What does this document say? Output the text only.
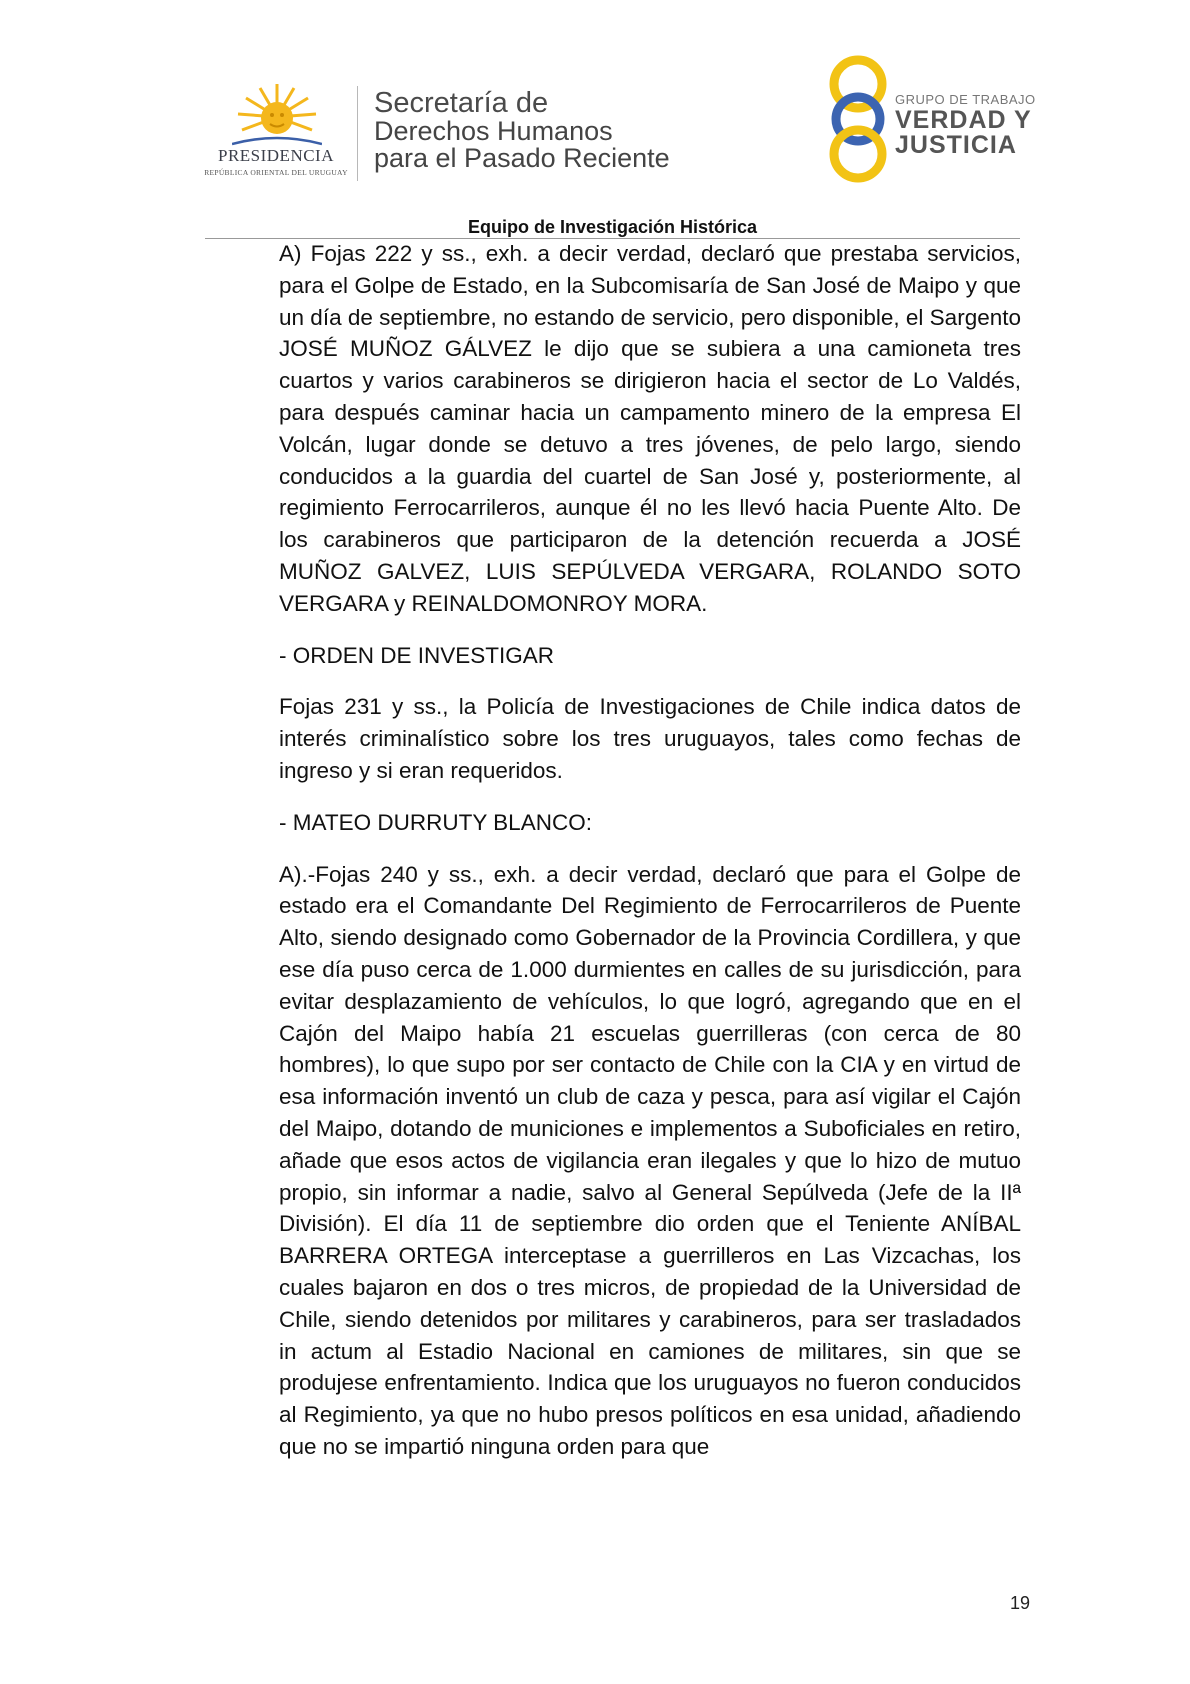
PRESIDENCIA
REPÚBLICA ORIENTAL DEL URUGUAY
Secretaría de
Derechos Humanos
para el Pasado Reciente
GRUPO DE TRABAJO
VERDAD Y
JUSTICIA
Equipo de Investigación Histórica

A) Fojas 222 y ss., exh. a decir verdad, declaró que prestaba servicios, para el Golpe de Estado, en la Subcomisaría de San José de Maipo y que un día de septiembre, no estando de servicio, pero disponible, el Sargento JOSÉ MUÑOZ GÁLVEZ le dijo que se subiera a una camioneta tres cuartos y varios carabineros se dirigieron hacia el sector de Lo Valdés, para después caminar hacia un campamento minero de la empresa El Volcán, lugar donde se detuvo a tres jóvenes, de pelo largo, siendo conducidos a la guardia del cuartel de San José y, posteriormente, al regimiento Ferrocarrileros, aunque él no les llevó hacia Puente Alto. De los carabineros que participaron de la detención recuerda a JOSÉ MUÑOZ GALVEZ, LUIS SEPÚLVEDA VERGARA, ROLANDO SOTO VERGARA y REINALDOMONROY MORA.

- ORDEN DE INVESTIGAR

Fojas 231 y ss., la Policía de Investigaciones de Chile indica datos de interés criminalístico sobre los tres uruguayos, tales como fechas de ingreso y si eran requeridos.

- MATEO DURRUTY BLANCO:

A).-Fojas 240 y ss., exh. a decir verdad, declaró que para el Golpe de estado era el Comandante Del Regimiento de Ferrocarrileros de Puente Alto, siendo designado como Gobernador de la Provincia Cordillera, y que ese día puso cerca de 1.000 durmientes en calles de su jurisdicción, para evitar desplazamiento de vehículos, lo que logró, agregando que en el Cajón del Maipo había 21 escuelas guerrilleras (con cerca de 80 hombres), lo que supo por ser contacto de Chile con la CIA y en virtud de esa información inventó un club de caza y pesca, para así vigilar el Cajón del Maipo, dotando de municiones e implementos a Suboficiales en retiro, añade que esos actos de vigilancia eran ilegales y que lo hizo de mutuo propio, sin informar a nadie, salvo al General Sepúlveda (Jefe de la IIª División). El día 11 de septiembre dio orden que el Teniente ANÍBAL BARRERA ORTEGA interceptase a guerrilleros en Las Vizcachas, los cuales bajaron en dos o tres micros, de propiedad de la Universidad de Chile, siendo detenidos por militares y carabineros, para ser trasladados in actum al Estadio Nacional en camiones de militares, sin que se produjese enfrentamiento. Indica que los uruguayos no fueron conducidos al Regimiento, ya que no hubo presos políticos en esa unidad, añadiendo que no se impartió ninguna orden para que

19
